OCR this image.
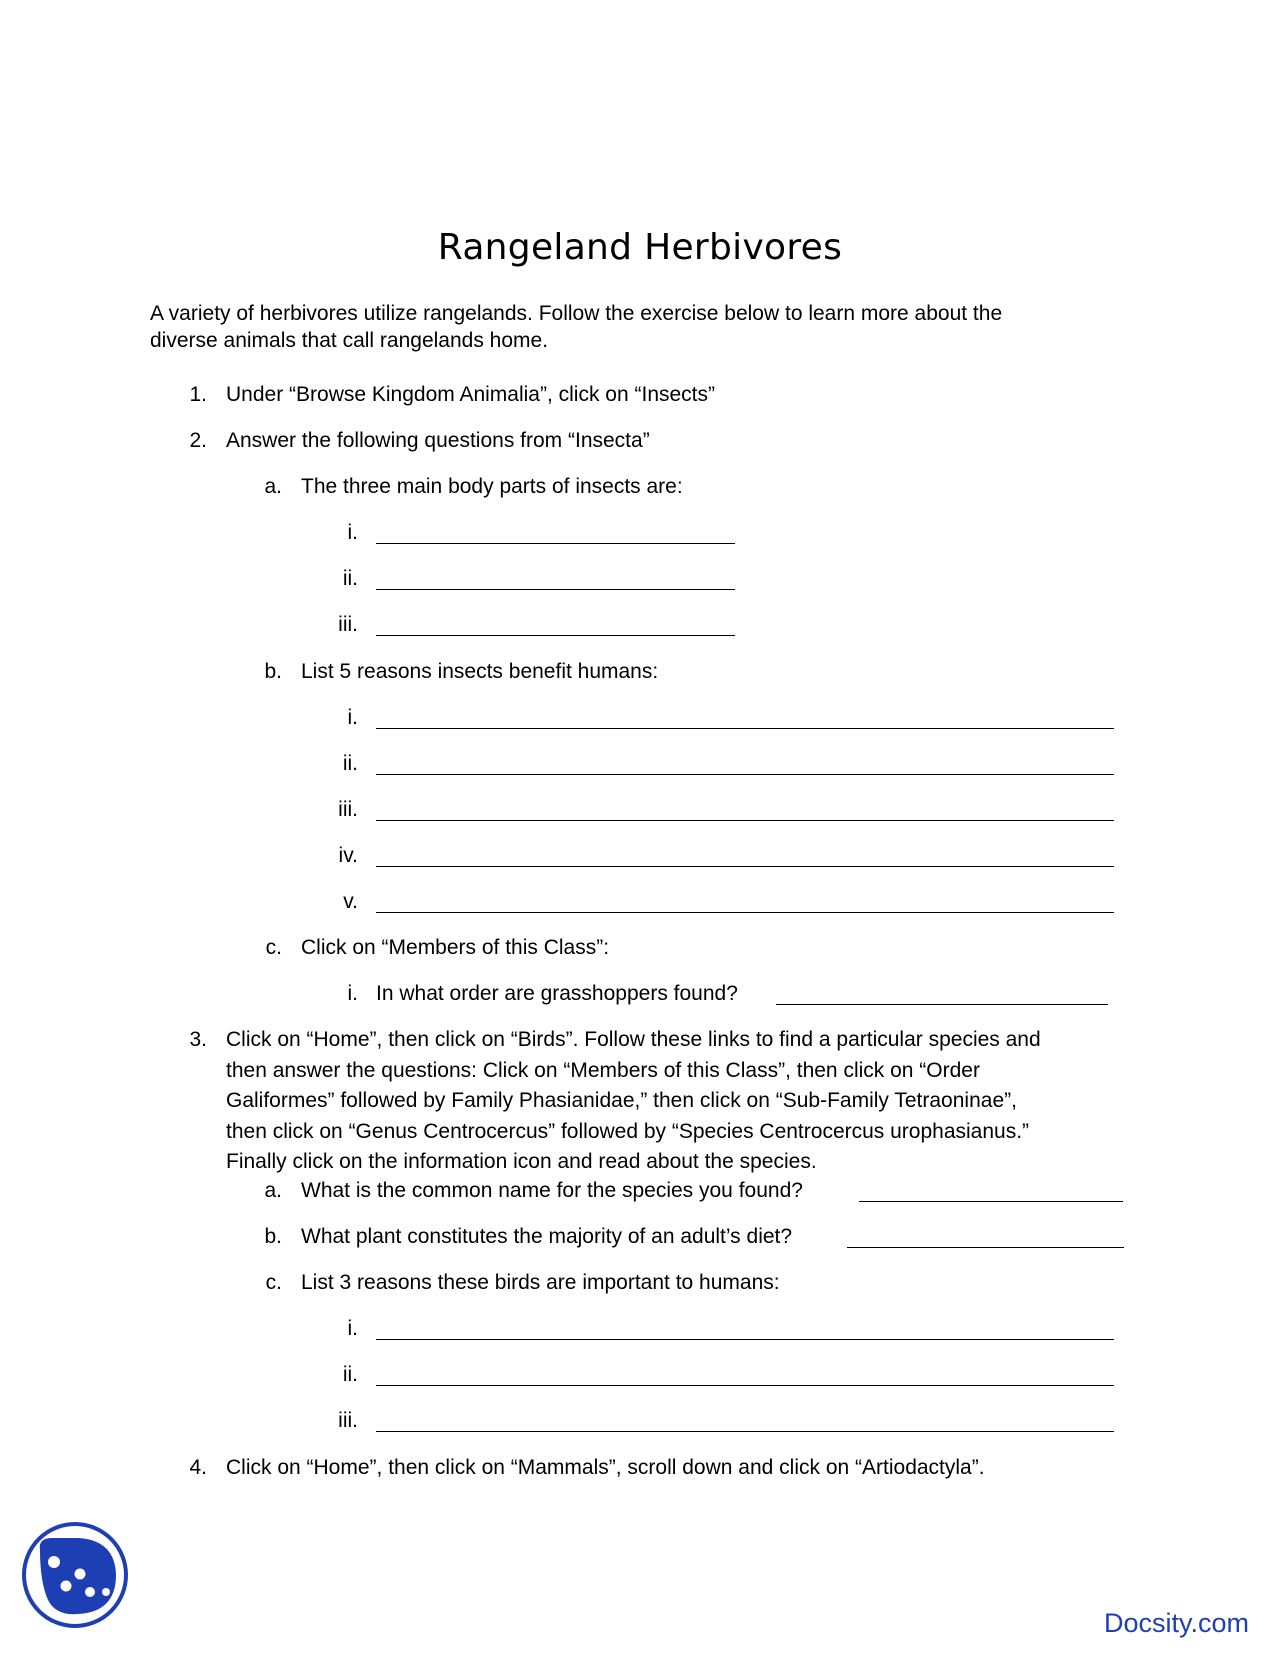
Rangeland Herbivores
A variety of herbivores utilize rangelands. Follow the exercise below to learn more about the
diverse animals that call rangelands home.
1. Under “Browse Kingdom Animalia”, click on “Insects”
2. Answer the following questions from “Insecta”
a. The three main body parts of insects are:
i.
ii.
iii.
b. List 5 reasons insects benefit humans:
i.
ii.
iii.
iv.
v.
c. Click on “Members of this Class”:
i. In what order are grasshoppers found?
3. Click on “Home”, then click on “Birds”. Follow these links to find a particular species and
then answer the questions: Click on “Members of this Class”, then click on “Order
Galiformes” followed by Family Phasianidae,” then click on “Sub-Family Tetraoninae”,
then click on “Genus Centrocercus” followed by “Species Centrocercus urophasianus.”
Finally click on the information icon and read about the species.
a. What is the common name for the species you found?
b. What plant constitutes the majority of an adult’s diet?
c. List 3 reasons these birds are important to humans:
i.
ii.
iii.
4. Click on “Home”, then click on “Mammals”, scroll down and click on “Artiodactyla”.
Docsity.com
